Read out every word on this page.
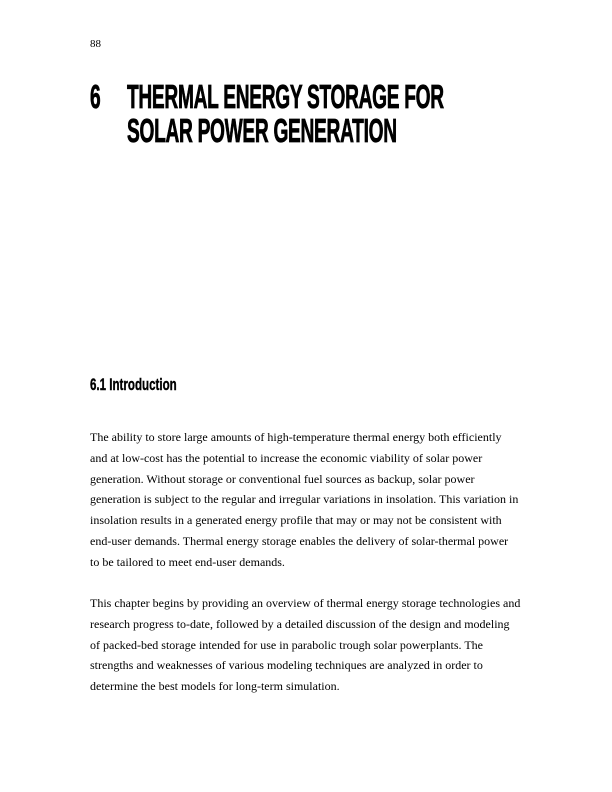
88
6 THERMAL ENERGY STORAGE FOR
SOLAR POWER GENERATION
6.1 Introduction
The ability to store large amounts of high-temperature thermal energy both efficiently
and at low-cost has the potential to increase the economic viability of solar power
generation. Without storage or conventional fuel sources as backup, solar power
generation is subject to the regular and irregular variations in insolation. This variation in
insolation results in a generated energy profile that may or may not be consistent with
end-user demands. Thermal energy storage enables the delivery of solar-thermal power
to be tailored to meet end-user demands.
This chapter begins by providing an overview of thermal energy storage technologies and
research progress to-date, followed by a detailed discussion of the design and modeling
of packed-bed storage intended for use in parabolic trough solar powerplants. The
strengths and weaknesses of various modeling techniques are analyzed in order to
determine the best models for long-term simulation.
